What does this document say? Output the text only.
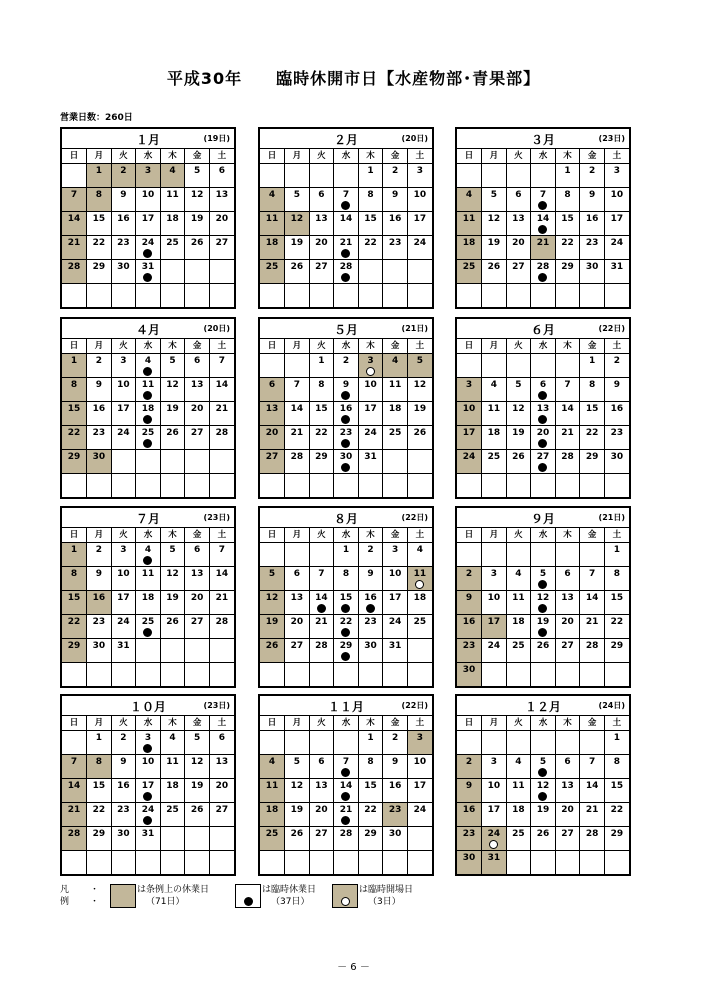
平成30年　　臨時休開市日【水産物部･青果部】
営業日数：260日
１月	(19日)
日	月	火	水	木	金	土

	1	2	3	4	5	6

7	8	9	10	11	12	13

14	15	16	17	18	19	20

21	22	23	24	25	26	27

28	29	30	31			

２月	(20日)
日	月	火	水	木	金	土

				1	2	3

4	5	6	7	8	9	10

11	12	13	14	15	16	17

18	19	20	21	22	23	24

25	26	27	28			

３月	(23日)
日	月	火	水	木	金	土

				1	2	3

4	5	6	7	8	9	10

11	12	13	14	15	16	17

18	19	20	21	22	23	24

25	26	27	28	29	30	31

４月	(20日)
日	月	火	水	木	金	土

1	2	3	4	5	6	7

8	9	10	11	12	13	14

15	16	17	18	19	20	21

22	23	24	25	26	27	28

29	30					

５月	(21日)
日	月	火	水	木	金	土

		1	2	3	4	5

6	7	8	9	10	11	12

13	14	15	16	17	18	19

20	21	22	23	24	25	26

27	28	29	30	31		

６月	(22日)
日	月	火	水	木	金	土

					1	2

3	4	5	6	7	8	9

10	11	12	13	14	15	16

17	18	19	20	21	22	23

24	25	26	27	28	29	30

７月	(23日)
日	月	火	水	木	金	土

1	2	3	4	5	6	7

8	9	10	11	12	13	14

15	16	17	18	19	20	21

22	23	24	25	26	27	28

29	30	31				

８月	(22日)
日	月	火	水	木	金	土

			1	2	3	4

5	6	7	8	9	10	11

12	13	14	15	16	17	18

19	20	21	22	23	24	25

26	27	28	29	30	31	

９月	(21日)
日	月	火	水	木	金	土

						1

2	3	4	5	6	7	8

9	10	11	12	13	14	15

16	17	18	19	20	21	22

23	24	25	26	27	28	29

30						

１０月	(23日)
日	月	火	水	木	金	土

	1	2	3	4	5	6

7	8	9	10	11	12	13

14	15	16	17	18	19	20

21	22	23	24	25	26	27

28	29	30	31			

１１月	(22日)
日	月	火	水	木	金	土

				1	2	3

4	5	6	7	8	9	10

11	12	13	14	15	16	17

18	19	20	21	22	23	24

25	26	27	28	29	30	

１２月	(24日)
日	月	火	水	木	金	土

						1

2	3	4	5	6	7	8

9	10	11	12	13	14	15

16	17	18	19	20	21	22

23	24	25	26	27	28	29

30	31					

凡
例
・
・
は条例上の休業日
（71日）
は臨時休業日
（37日）
は臨時開場日
（3日）
－ 6 －
